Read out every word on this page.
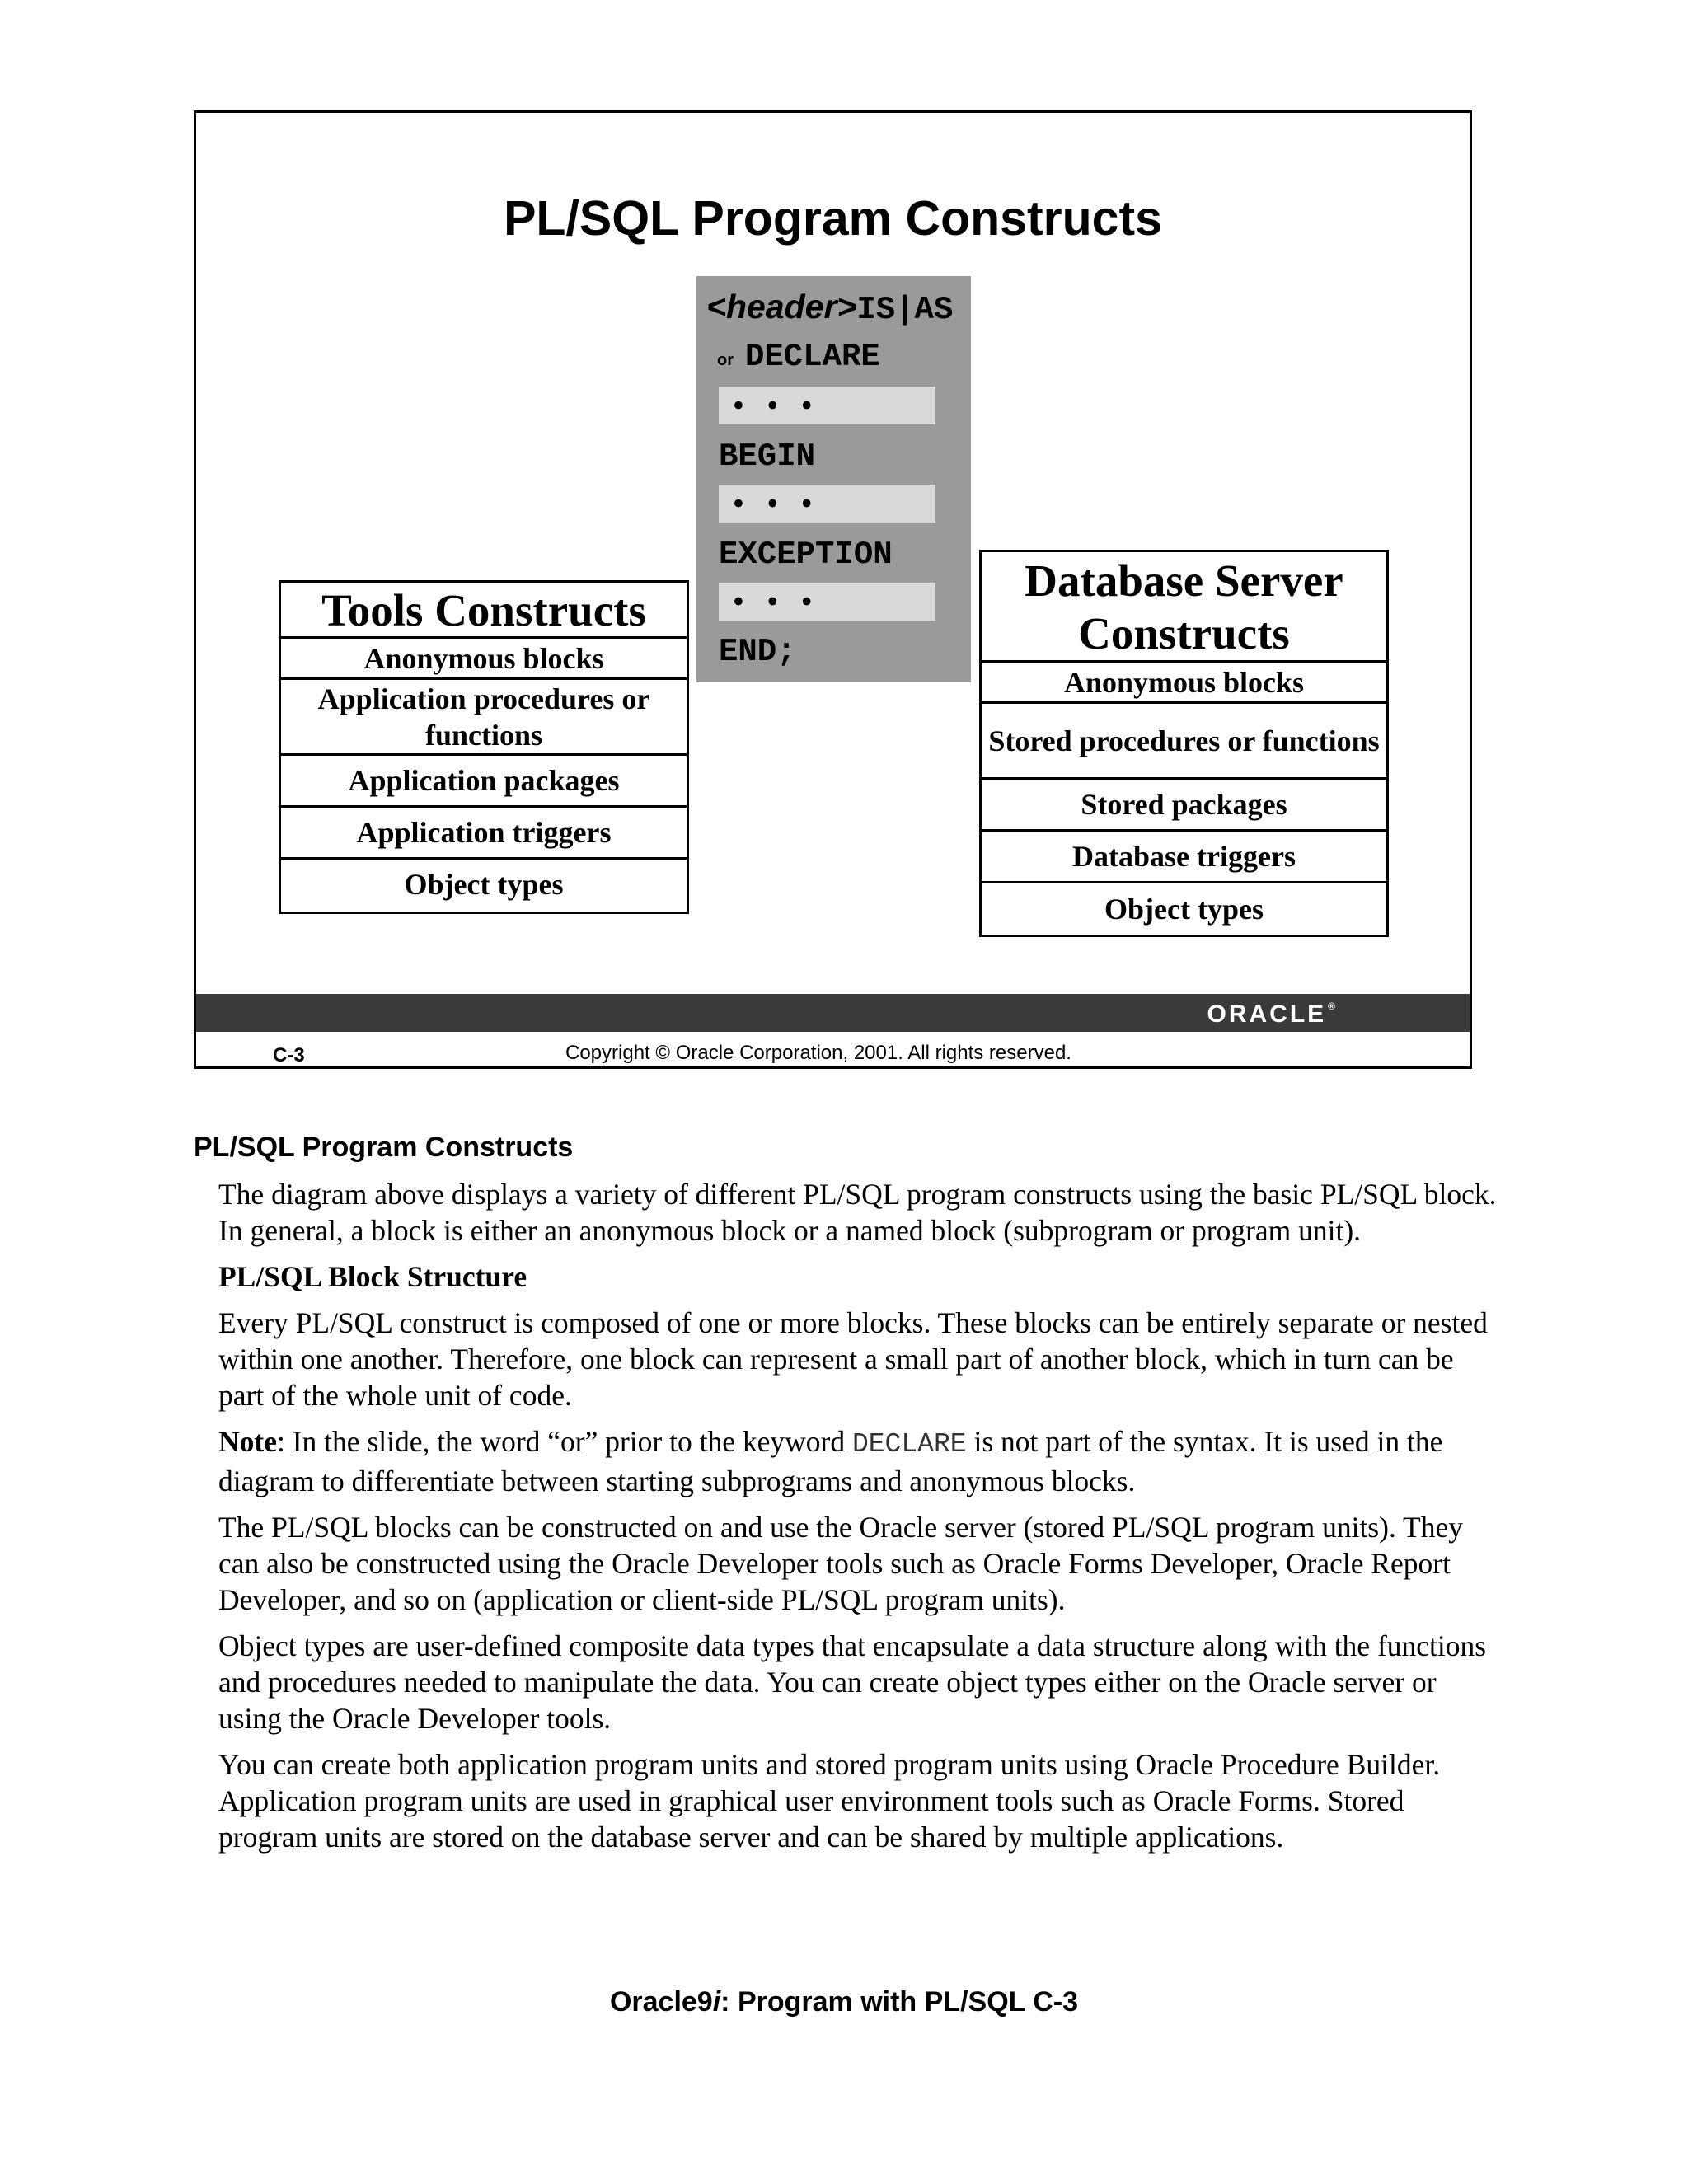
PL/SQL Program Constructs
<header>IS|AS
or DECLARE
• • •
BEGIN
• • •
EXCEPTION
• • •
END;
Tools Constructs
Anonymous blocks
Application procedures or functions
Application packages
Application triggers
Object types
Database Server Constructs
Anonymous blocks
Stored procedures or functions
Stored packages
Database triggers
Object types
ORACLE ®
C-3	Copyright © Oracle Corporation, 2001. All rights reserved.
PL/SQL Program Constructs

The diagram above displays a variety of different PL/SQL program constructs using the basic PL/SQL block. In general, a block is either an anonymous block or a named block (subprogram or program unit).

PL/SQL Block Structure

Every PL/SQL construct is composed of one or more blocks. These blocks can be entirely separate or nested within one another. Therefore, one block can represent a small part of another block, which in turn can be part of the whole unit of code.

Note: In the slide, the word “or” prior to the keyword DECLARE is not part of the syntax. It is used in the diagram to differentiate between starting subprograms and anonymous blocks.

The PL/SQL blocks can be constructed on and use the Oracle server (stored PL/SQL program units). They can also be constructed using the Oracle Developer tools such as Oracle Forms Developer, Oracle Report Developer, and so on (application or client-side PL/SQL program units).

Object types are user-defined composite data types that encapsulate a data structure along with the functions and procedures needed to manipulate the data. You can create object types either on the Oracle server or using the Oracle Developer tools.

You can create both application program units and stored program units using Oracle Procedure Builder. Application program units are used in graphical user environment tools such as Oracle Forms. Stored program units are stored on the database server and can be shared by multiple applications.

Oracle9i: Program with PL/SQL C-3
